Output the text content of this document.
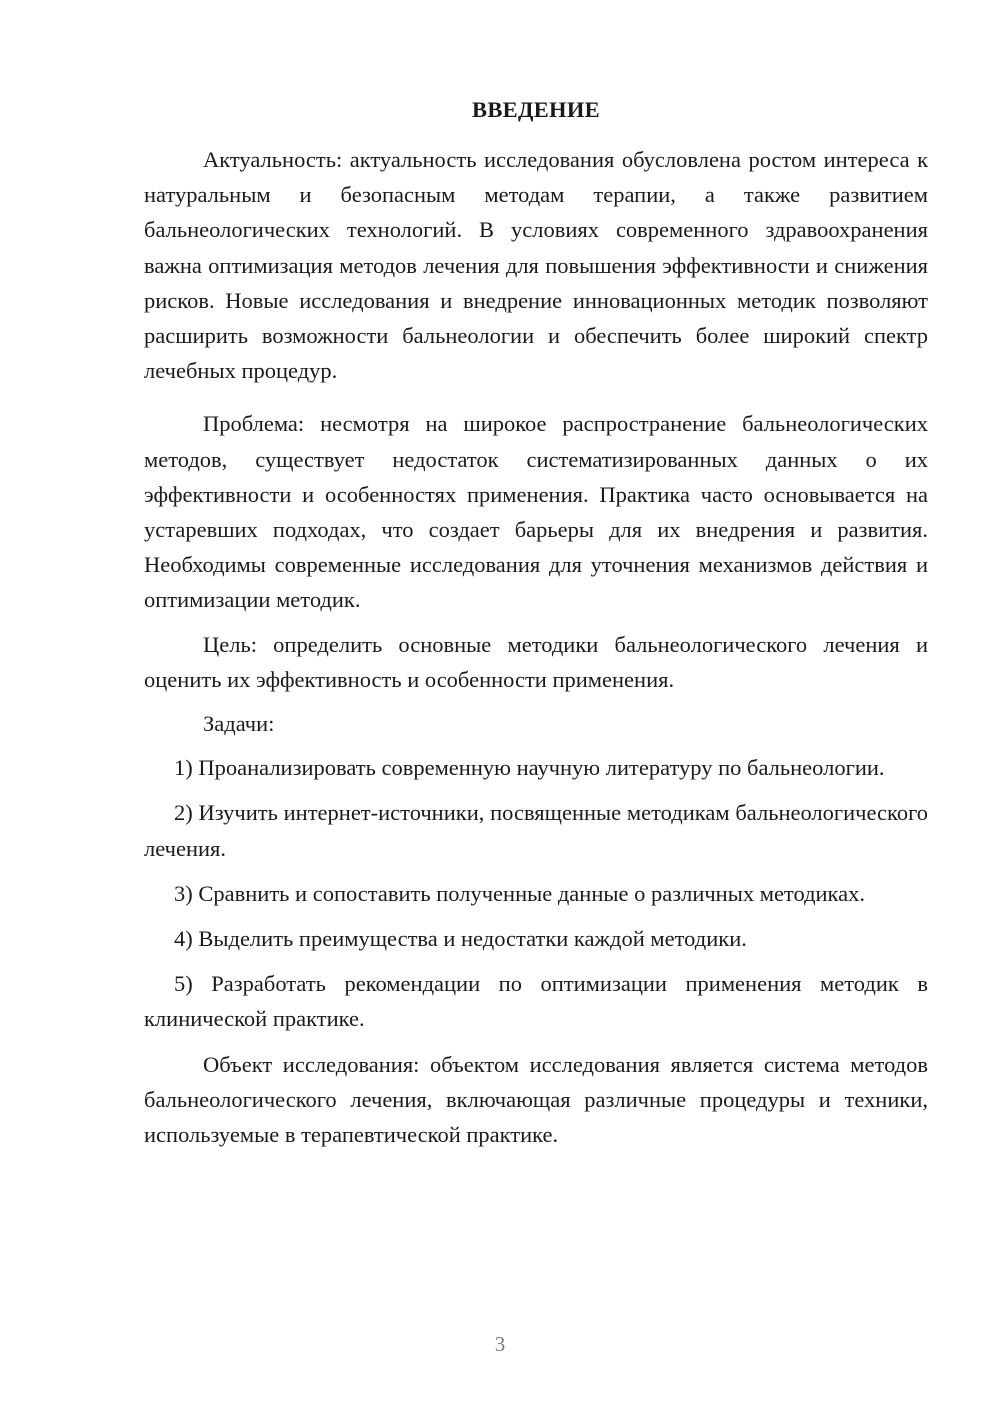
ВВЕДЕНИЕ

Актуальность: актуальность исследования обусловлена ростом интереса к натуральным и безопасным методам терапии, а также развитием бальнеологических технологий. В условиях современного здравоохранения важна оптимизация методов лечения для повышения эффективности и снижения рисков. Новые исследования и внедрение инновационных методик позволяют расширить возможности бальнеологии и обеспечить более широкий спектр лечебных процедур.

Проблема: несмотря на широкое распространение бальнеологических методов, существует недостаток систематизированных данных о их эффективности и особенностях применения. Практика часто основывается на устаревших подходах, что создает барьеры для их внедрения и развития. Необходимы современные исследования для уточнения механизмов действия и оптимизации методик.

Цель: определить основные методики бальнеологического лечения и оценить их эффективность и особенности применения.

Задачи:

1) Проанализировать современную научную литературу по бальнеологии.

2) Изучить интернет-источники, посвященные методикам бальнеологического лечения.

3) Сравнить и сопоставить полученные данные о различных методиках.

4) Выделить преимущества и недостатки каждой методики.

5) Разработать рекомендации по оптимизации применения методик в клинической практике.

Объект исследования: объектом исследования является система методов бальнеологического лечения, включающая различные процедуры и техники, используемые в терапевтической практике.

3
